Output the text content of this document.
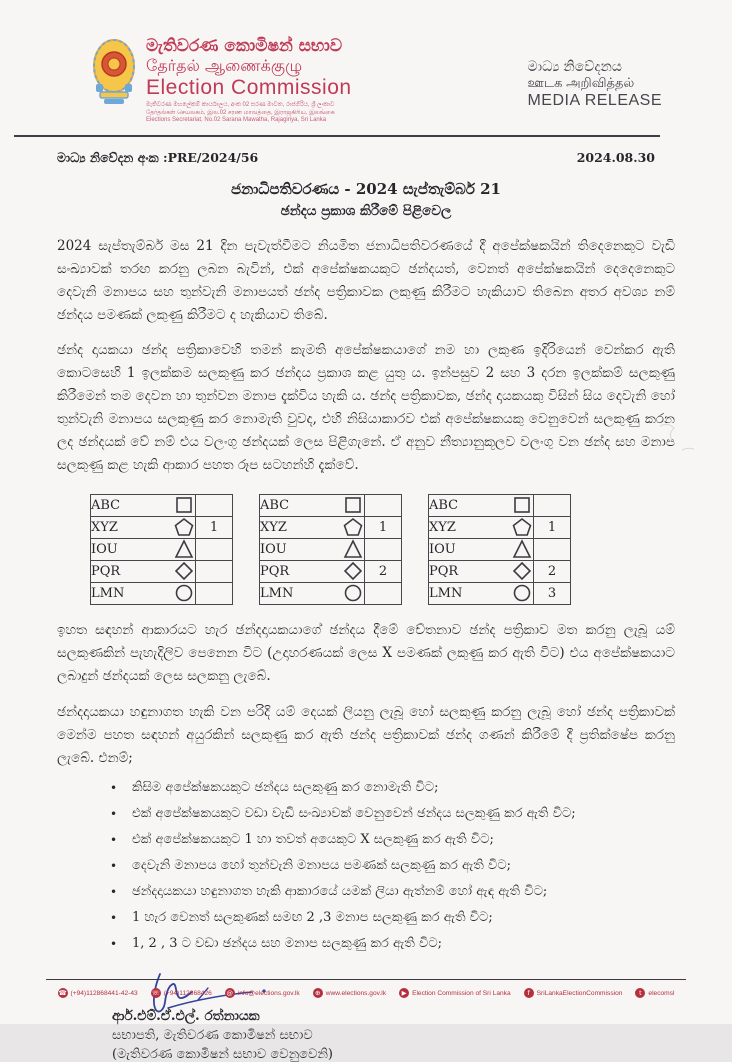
මැතිවරණ කොමිෂන් සභාව
தேர்தல் ஆணைக்குழு
Election Commission
මැතිවරණ මහලේකම් කාර්යාලය, අංක 02 සරණ මාවත, රාජගිරිය, ශ්‍රී ලංකාව
தேர்தல்கள் செயலகம், இல.02 சரண மாவத்தை, இராஜகிரிய, இலங்கை
Elections Secretariat, No.02 Sarana Mawatha, Rajagiriya, Sri Lanka
මාධ්‍ය නිවේදනය
ஊடக அறிவித்தல்
MEDIA RELEASE
මාධ්‍ය නිවේදන අංක :PRE/2024/56	2024.08.30
ජනාධිපතිවරණය - 2024 සැප්තැම්බර් 21
ඡන්දය ප්‍රකාශ කිරීමේ පිළිවෙල

2024 සැප්තැම්බර් මස 21 දින පැවැත්වීමට නියමිත ජනාධිපතිවරණයේ දී අපේක්ෂකයින් තිදෙනෙකුට වැඩි සංඛ්‍යාවක් තරඟ කරනු ලබන බැවින්, එක් අපේක්ෂකයකුට ඡන්දයත්, වෙනත් අපේක්ෂකයින් දෙදෙනෙකුට දෙවැනි මනාපය සහ තුන්වැනි මනාපයත් ඡන්ද පත්‍රිකාවක ලකුණු කිරීමට හැකියාව තිබෙන අතර අවශ්‍ය නම් ඡන්දය පමණක් ලකුණු කිරීමට ද හැකියාව තිබේ.

ඡන්ද දායකයා ඡන්ද පත්‍රිකාවෙහි තමන් කැමති අපේක්ෂකයාගේ නම හා ලකුණ ඉදිරියෙන් වෙන්කර ඇති කොටසෙහි 1 ඉලක්කම සලකුණු කර ඡන්දය ප්‍රකාශ කළ යුතු ය. ඉන්පසුව 2 සහ 3 දරන ඉලක්කම් සලකුණු කිරීමෙන් තම දෙවන හා තුන්වන මනාප දැක්විය හැකි ය. ඡන්ද පත්‍රිකාවක, ඡන්ද දායකයකු විසින් සිය දෙවැනි හෝ තුන්වැනි මනාපය සලකුණු කර නොමැති වුවද, එහි නිසියාකාරව එක් අපේක්ෂකයකු වෙනුවෙන් සලකුණු කරන ලද ඡන්දයක් වේ නම් එය වලංගු ඡන්දයක් ලෙස පිළිගැනේ. ඒ අනුව නීත්‍යානුකූලව වලංගු වන ඡන්ද සහ මනාප සලකුණු කළ හැකි ආකාර පහත රූප සටහන්හි දැක්වේ.

ABC	

XYZ	1

IOU	

PQR	

LMN	

ABC	

XYZ	1

IOU	

PQR	2

LMN	

ABC	

XYZ	1

IOU	

PQR	2

LMN	3

ඉහත සඳහන් ආකාරයට හැර ඡන්දදායකයාගේ ඡන්දය දීමේ චේතනාව ඡන්ද පත්‍රිකාව මත කරනු ලැබූ යම් සලකුණකින් පැහැදිලිව පෙනෙන විට (උදාහරණයක් ලෙස X පමණක් ලකුණු කර ඇති විට) එය අපේක්ෂකයාට ලබාදුන් ඡන්දයක් ලෙස සලකනු ලැබේ.

ඡන්දදායකයා හඳුනාගත හැකි වන පරිදි යම් දෙයක් ලියනු ලැබූ හෝ සලකුණු කරනු ලැබූ හෝ ඡන්ද පත්‍රිකාවක් මෙන්ම පහත සඳහන් අයුරකින් සලකුණු කර ඇති ඡන්ද පත්‍රිකාවක් ඡන්ද ගණන් කිරීමේ දී ප්‍රතික්ෂේප කරනු ලැබේ. එනම්;

• කිසිම අපේක්ෂකයකුට ඡන්දය සලකුණු කර නොමැති විට;
• එක් අපේක්ෂකයකුට වඩා වැඩි සංඛ්‍යාවක් වෙනුවෙන් ඡන්දය සලකුණු කර ඇති විට;
• එක් අපේක්ෂකයකුට 1 හා තවත් අයෙකුට X සලකුණු කර ඇති විට;
• දෙවැනි මනාපය හෝ තුන්වැනි මනාපය පමණක් සලකුණු කර ඇති විට;
• ඡන්දදායකයා හඳුනාගත හැකි ආකාරයේ යමක් ලියා ඇත්නම් හෝ ඇඳ ඇති විට;
• 1 හැර වෙනත් සලකුණක් සමඟ 2 ,3 මනාප සලකුණු කර ඇති විට;
• 1, 2 , 3 ට වඩා ඡන්දය සහ මනාප සලකුණු කර ඇති විට;
ආර්.එම්.ඒ.එල්. රත්නායක
සභාපති, මැතිවරණ කොමිෂන් සභාව
(මැතිවරණ කොමිෂන් සභාව වෙනුවෙනි)
☎ (+94)112868441-42-43 ☏ (+94)112868426 @ info@elections.gov.lk	⊕ www.elections.gov.lk	▶ Election Commission of Sri Lanka	f	SriLankaElectionCommission	t	elecomsl
